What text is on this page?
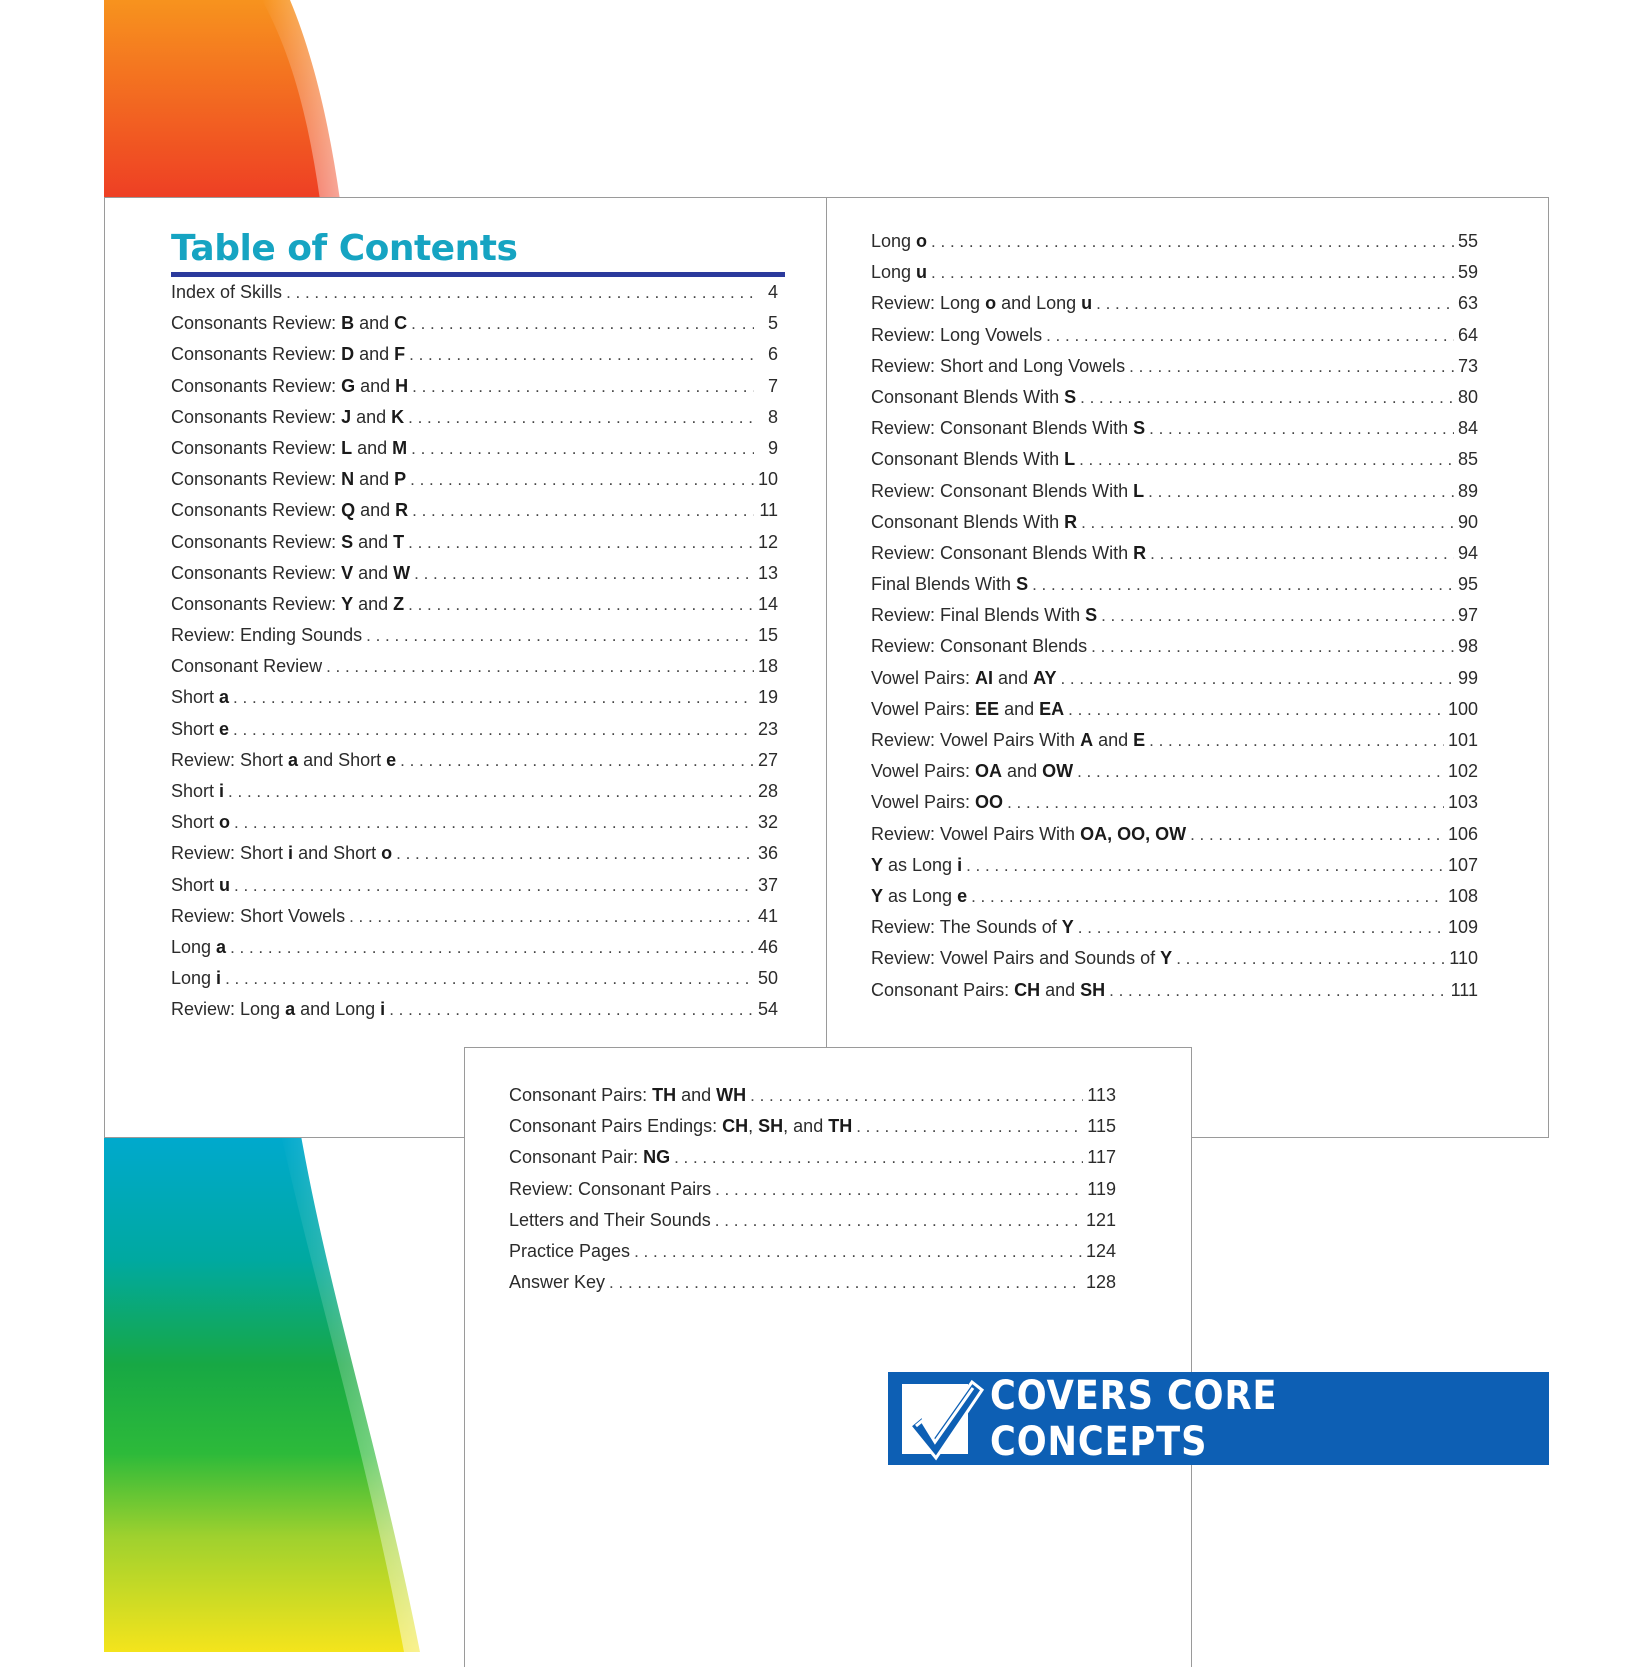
Table of Contents
Index of Skills . . .	4
Consonants Review: B and C . . .	5
Consonants Review: D and F . . .	6
Consonants Review: G and H . . .	7
Consonants Review: J and K . . .	8
Consonants Review: L and M . . .	9
Consonants Review: N and P . . .	10
Consonants Review: Q and R . . .	11
Consonants Review: S and T . . .	12
Consonants Review: V and W . . .	13
Consonants Review: Y and Z . . .	14
Review: Ending Sounds . . .	15
Consonant Review . . .	18
Short a . . .	19
Short e . . .	23
Review: Short a and Short e . . .	27
Short i . . .	28
Short o . . .	32
Review: Short i and Short o . . .	36
Short u . . .	37
Review: Short Vowels . . .	41
Long a . . .	46
Long i . . .	50
Review: Long a and Long i . . .	54
Long o . . .	55
Long u . . .	59
Review: Long o and Long u . . .	63
Review: Long Vowels . . .	64
Review: Short and Long Vowels . . .	73
Consonant Blends With S . . .	80
Review: Consonant Blends With S . . .	84
Consonant Blends With L . . .	85
Review: Consonant Blends With L . . .	89
Consonant Blends With R . . .	90
Review: Consonant Blends With R . . .	94
Final Blends With S . . .	95
Review: Final Blends With S . . .	97
Review: Consonant Blends . . .	98
Vowel Pairs: AI and AY . . .	99
Vowel Pairs: EE and EA . . .	100
Review: Vowel Pairs With A and E . . .	101
Vowel Pairs: OA and OW . . .	102
Vowel Pairs: OO . . .	103
Review: Vowel Pairs With OA, OO, OW . . .	106
Y as Long i . . .	107
Y as Long e . . .	108
Review: The Sounds of Y . . .	109
Review: Vowel Pairs and Sounds of Y . . .	110
Consonant Pairs: CH and SH . . .	111
Consonant Pairs: TH and WH . . .	113
Consonant Pairs Endings: CH, SH, and TH . . .	115
Consonant Pair: NG . . .	117
Review: Consonant Pairs . . .	119
Letters and Their Sounds . . .	121
Practice Pages . . .	124
Answer Key . . .	128
COVERS CORE CONCEPTS
